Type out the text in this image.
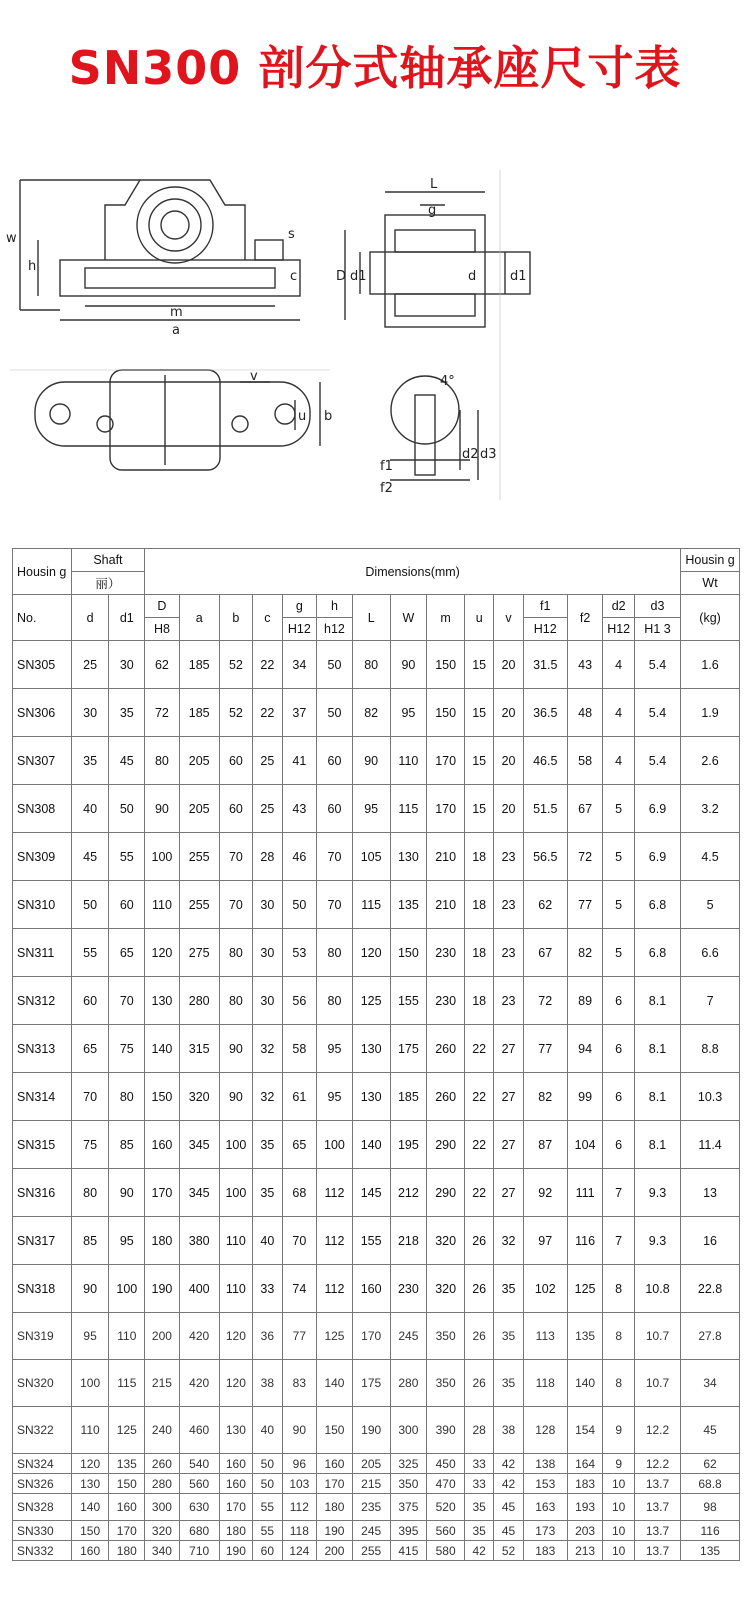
SN300 剖分式轴承座尺寸表
w
h
s
c
m
a
L
g
D d1	d	d1
v
u b
4°
f1
f2
d2 d3
Housin g	Shaft		Dimensions(mm)															Housin g
	丽）																	Wt
No.	d	d1	D	a	b	c	g	h	L	W	m	u	v	f1	f2	d2	d3	(kg)
			H8				H12	h12						H12		H12	H1 3	
SN305	25	30	62	185	52	22	34	50	80	90	150	15	20	31.5	43	4	5.4	1.6
SN306	30	35	72	185	52	22	37	50	82	95	150	15	20	36.5	48	4	5.4	1.9
SN307	35	45	80	205	60	25	41	60	90	110	170	15	20	46.5	58	4	5.4	2.6
SN308	40	50	90	205	60	25	43	60	95	115	170	15	20	51.5	67	5	6.9	3.2
SN309	45	55	100	255	70	28	46	70	105	130	210	18	23	56.5	72	5	6.9	4.5
SN310	50	60	110	255	70	30	50	70	115	135	210	18	23	62	77	5	6.8	5
SN311	55	65	120	275	80	30	53	80	120	150	230	18	23	67	82	5	6.8	6.6
SN312	60	70	130	280	80	30	56	80	125	155	230	18	23	72	89	6	8.1	7
SN313	65	75	140	315	90	32	58	95	130	175	260	22	27	77	94	6	8.1	8.8
SN314	70	80	150	320	90	32	61	95	130	185	260	22	27	82	99	6	8.1	10.3
SN315	75	85	160	345	100	35	65	100	140	195	290	22	27	87	104	6	8.1	11.4
SN316	80	90	170	345	100	35	68	112	145	212	290	22	27	92	111	7	9.3	13
SN317	85	95	180	380	110	40	70	112	155	218	320	26	32	97	116	7	9.3	16
SN318	90	100	190	400	110	33	74	112	160	230	320	26	35	102	125	8	10.8	22.8
SN319	95	110	200	420	120	36	77	125	170	245	350	26	35	113	135	8	10.7	27.8
SN320	100	115	215	420	120	38	83	140	175	280	350	26	35	118	140	8	10.7	34
SN322	110	125	240	460	130	40	90	150	190	300	390	28	38	128	154	9	12.2	45
SN324	120	135	260	540	160	50	96	160	205	325	450	33	42	138	164	9	12.2	62
SN326	130	150	280	560	160	50	103	170	215	350	470	33	42	153	183	10	13.7	68.8
SN328	140	160	300	630	170	55	112	180	235	375	520	35	45	163	193	10	13.7	98
SN330	150	170	320	680	180	55	118	190	245	395	560	35	45	173	203	10	13.7	116
SN332	160	180	340	710	190	60	124	200	255	415	580	42	52	183	213	10	13.7	135
